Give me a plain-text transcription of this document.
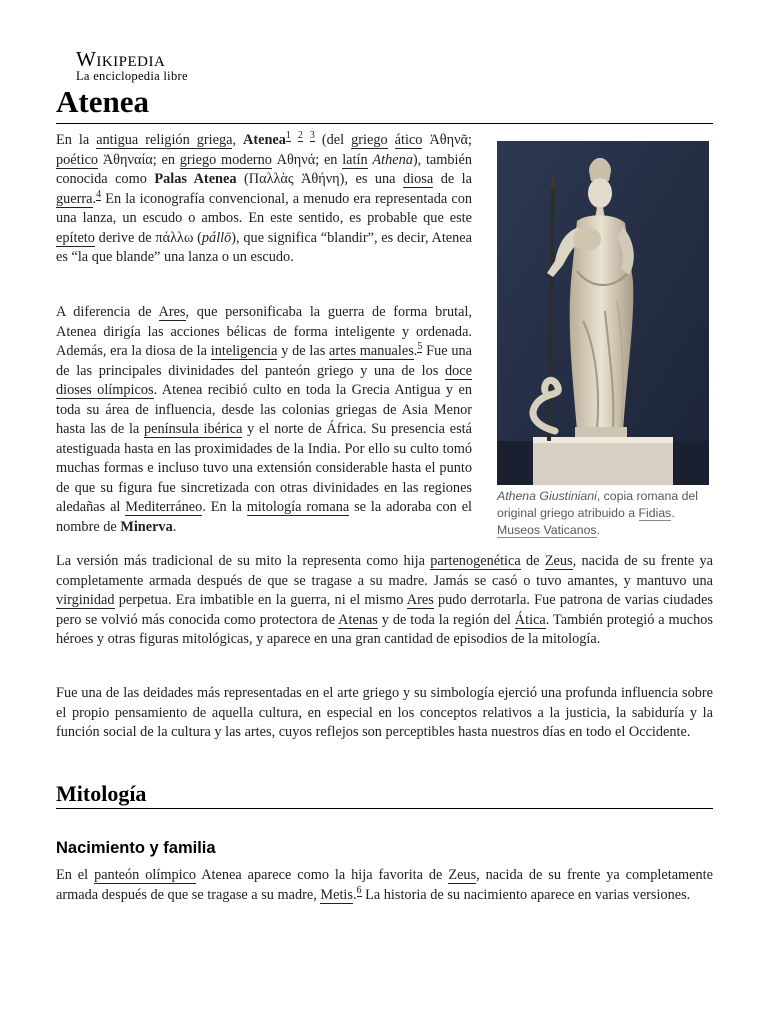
Wikipedia
La enciclopedia libre
Atenea

En la antigua religión griega, Atenea$^1$ $^2$ $^3$ (del griego ático Ἀθηνᾶ; poético Ἀθηναία; en griego moderno Αθηνά; en latín Athena), también conocida como Palas Atenea (Παλλὰς Ἀθήνη), es una diosa de la guerra.$^4$ En la iconografía convencional, a menudo era representada con una lanza, un escudo o ambos. En este sentido, es probable que este epíteto derive de πάλλω (pállō), que significa “blandir”, es decir, Atenea es “la que blande” una lanza o un escudo.

A diferencia de Ares, que personificaba la guerra de forma brutal, Atenea dirigía las acciones bélicas de forma inteligente y ordenada. Además, era la diosa de la inteligencia y de las artes manuales.$^5$ Fue una de las principales divinidades del panteón griego y una de los doce dioses olímpicos. Atenea recibió culto en toda la Grecia Antigua y en toda su área de influencia, desde las colonias griegas de Asia Menor hasta las de la península ibérica y el norte de África. Su presencia está atestiguada hasta en las proximidades de la India. Por ello su culto tomó muchas formas e incluso tuvo una extensión considerable hasta el punto de que su figura fue sincretizada con otras divinidades en las regiones aledañas al Mediterráneo. En la mitología romana se la adoraba con el nombre de Minerva.

Athena Giustiniani, copia romana del original griego atribuido a Fidias. Museos Vaticanos.

La versión más tradicional de su mito la representa como hija partenogenética de Zeus, nacida de su frente ya completamente armada después de que se tragase a su madre. Jamás se casó o tuvo amantes, y mantuvo una virginidad perpetua. Era imbatible en la guerra, ni el mismo Ares pudo derrotarla. Fue patrona de varias ciudades pero se volvió más conocida como protectora de Atenas y de toda la región del Ática. También protegió a muchos héroes y otras figuras mitológicas, y aparece en una gran cantidad de episodios de la mitología.

Fue una de las deidades más representadas en el arte griego y su simbología ejerció una profunda influencia sobre el propio pensamiento de aquella cultura, en especial en los conceptos relativos a la justicia, la sabiduría y la función social de la cultura y las artes, cuyos reflejos son perceptibles hasta nuestros días en todo el Occidente.

Mitología
Nacimiento y familia

En el panteón olímpico Atenea aparece como la hija favorita de Zeus, nacida de su frente ya completamente armada después de que se tragase a su madre, Metis.$^6$ La historia de su nacimiento aparece en varias versiones.
